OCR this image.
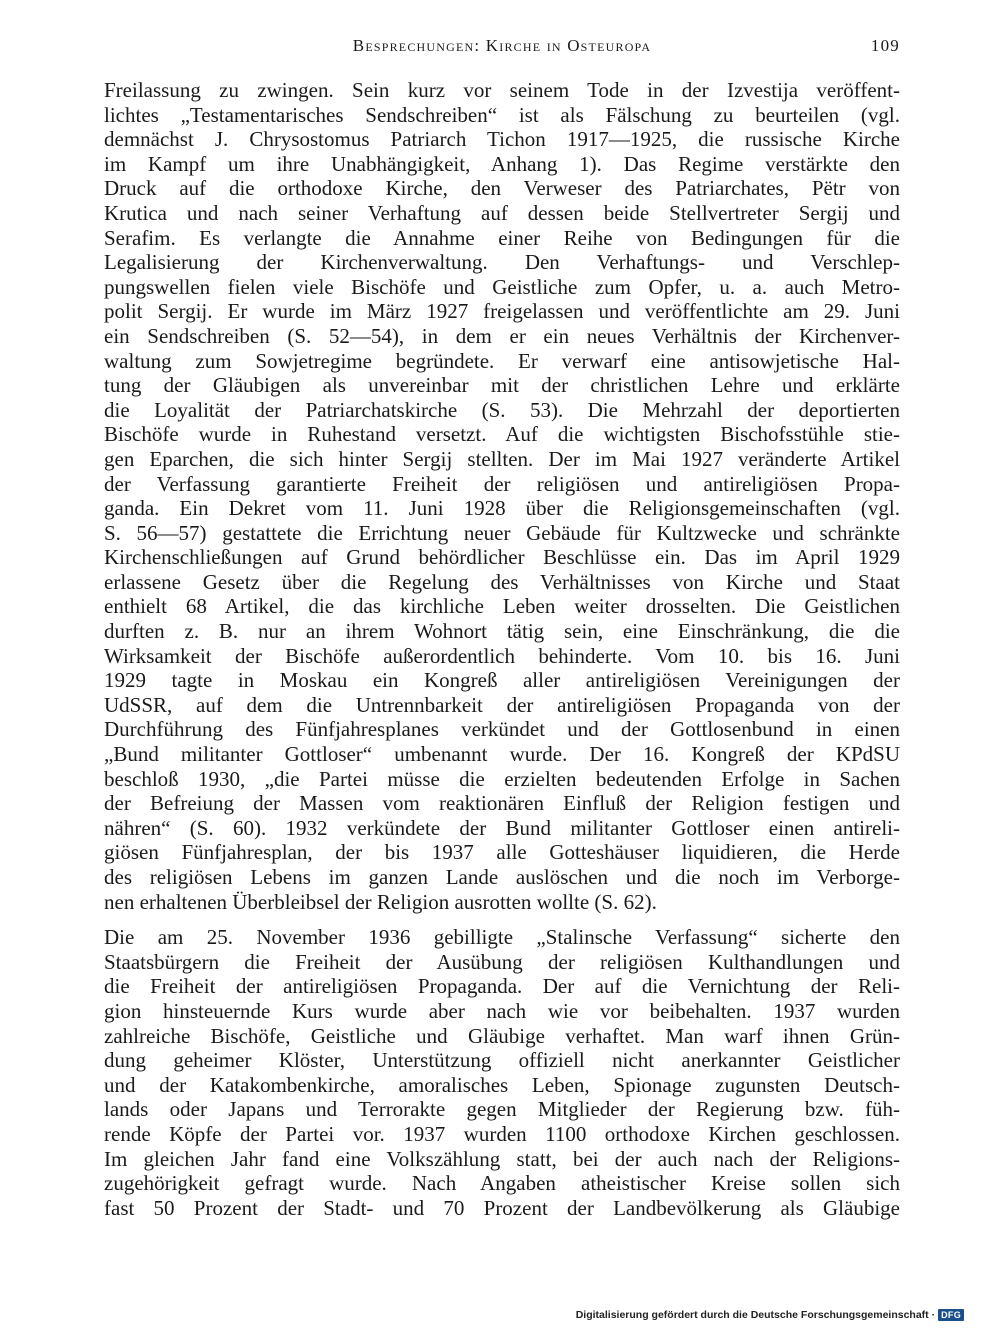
Besprechungen: Kirche in Osteuropa	109

Freilassung zu zwingen. Sein kurz vor seinem Tode in der Izvestija veröffent-
lichtes „Testamentarisches Sendschreiben“ ist als Fälschung zu beurteilen (vgl.
demnächst J. Chrysostomus Patriarch Tichon 1917—1925, die russische Kirche
im Kampf um ihre Unabhängigkeit, Anhang 1). Das Regime verstärkte den
Druck auf die orthodoxe Kirche, den Verweser des Patriarchates, Pëtr von
Krutica und nach seiner Verhaftung auf dessen beide Stellvertreter Sergij und
Serafim. Es verlangte die Annahme einer Reihe von Bedingungen für die
Legalisierung der Kirchenverwaltung. Den Verhaftungs- und Verschlep-
pungswellen fielen viele Bischöfe und Geistliche zum Opfer, u. a. auch Metro-
polit Sergij. Er wurde im März 1927 freigelassen und veröffentlichte am 29. Juni
ein Sendschreiben (S. 52—54), in dem er ein neues Verhältnis der Kirchenver-
waltung zum Sowjetregime begründete. Er verwarf eine antisowjetische Hal-
tung der Gläubigen als unvereinbar mit der christlichen Lehre und erklärte
die Loyalität der Patriarchatskirche (S. 53). Die Mehrzahl der deportierten
Bischöfe wurde in Ruhestand versetzt. Auf die wichtigsten Bischofsstühle stie-
gen Eparchen, die sich hinter Sergij stellten. Der im Mai 1927 veränderte Artikel
der Verfassung garantierte Freiheit der religiösen und antireligiösen Propa-
ganda. Ein Dekret vom 11. Juni 1928 über die Religionsgemeinschaften (vgl.
S. 56—57) gestattete die Errichtung neuer Gebäude für Kultzwecke und schränkte
Kirchenschließungen auf Grund behördlicher Beschlüsse ein. Das im April 1929
erlassene Gesetz über die Regelung des Verhältnisses von Kirche und Staat
enthielt 68 Artikel, die das kirchliche Leben weiter drosselten. Die Geistlichen
durften z. B. nur an ihrem Wohnort tätig sein, eine Einschränkung, die die
Wirksamkeit der Bischöfe außerordentlich behinderte. Vom 10. bis 16. Juni
1929 tagte in Moskau ein Kongreß aller antireligiösen Vereinigungen der
UdSSR, auf dem die Untrennbarkeit der antireligiösen Propaganda von der
Durchführung des Fünfjahresplanes verkündet und der Gottlosenbund in einen
„Bund militanter Gottloser“ umbenannt wurde. Der 16. Kongreß der KPdSU
beschloß 1930, „die Partei müsse die erzielten bedeutenden Erfolge in Sachen
der Befreiung der Massen vom reaktionären Einfluß der Religion festigen und
nähren“ (S. 60). 1932 verkündete der Bund militanter Gottloser einen antireli-
giösen Fünfjahresplan, der bis 1937 alle Gotteshäuser liquidieren, die Herde
des religiösen Lebens im ganzen Lande auslöschen und die noch im Verborge-
nen erhaltenen Überbleibsel der Religion ausrotten wollte (S. 62).

Die am 25. November 1936 gebilligte „Stalinsche Verfassung“ sicherte den
Staatsbürgern die Freiheit der Ausübung der religiösen Kulthandlungen und
die Freiheit der antireligiösen Propaganda. Der auf die Vernichtung der Reli-
gion hinsteuernde Kurs wurde aber nach wie vor beibehalten. 1937 wurden
zahlreiche Bischöfe, Geistliche und Gläubige verhaftet. Man warf ihnen Grün-
dung geheimer Klöster, Unterstützung offiziell nicht anerkannter Geistlicher
und der Katakombenkirche, amoralisches Leben, Spionage zugunsten Deutsch-
lands oder Japans und Terrorakte gegen Mitglieder der Regierung bzw. füh-
rende Köpfe der Partei vor. 1937 wurden 1100 orthodoxe Kirchen geschlossen.
Im gleichen Jahr fand eine Volkszählung statt, bei der auch nach der Religions-
zugehörigkeit gefragt wurde. Nach Angaben atheistischer Kreise sollen sich
fast 50 Prozent der Stadt- und 70 Prozent der Landbevölkerung als Gläubige

Digitalisierung gefördert durch die Deutsche Forschungsgemeinschaft · DFG
